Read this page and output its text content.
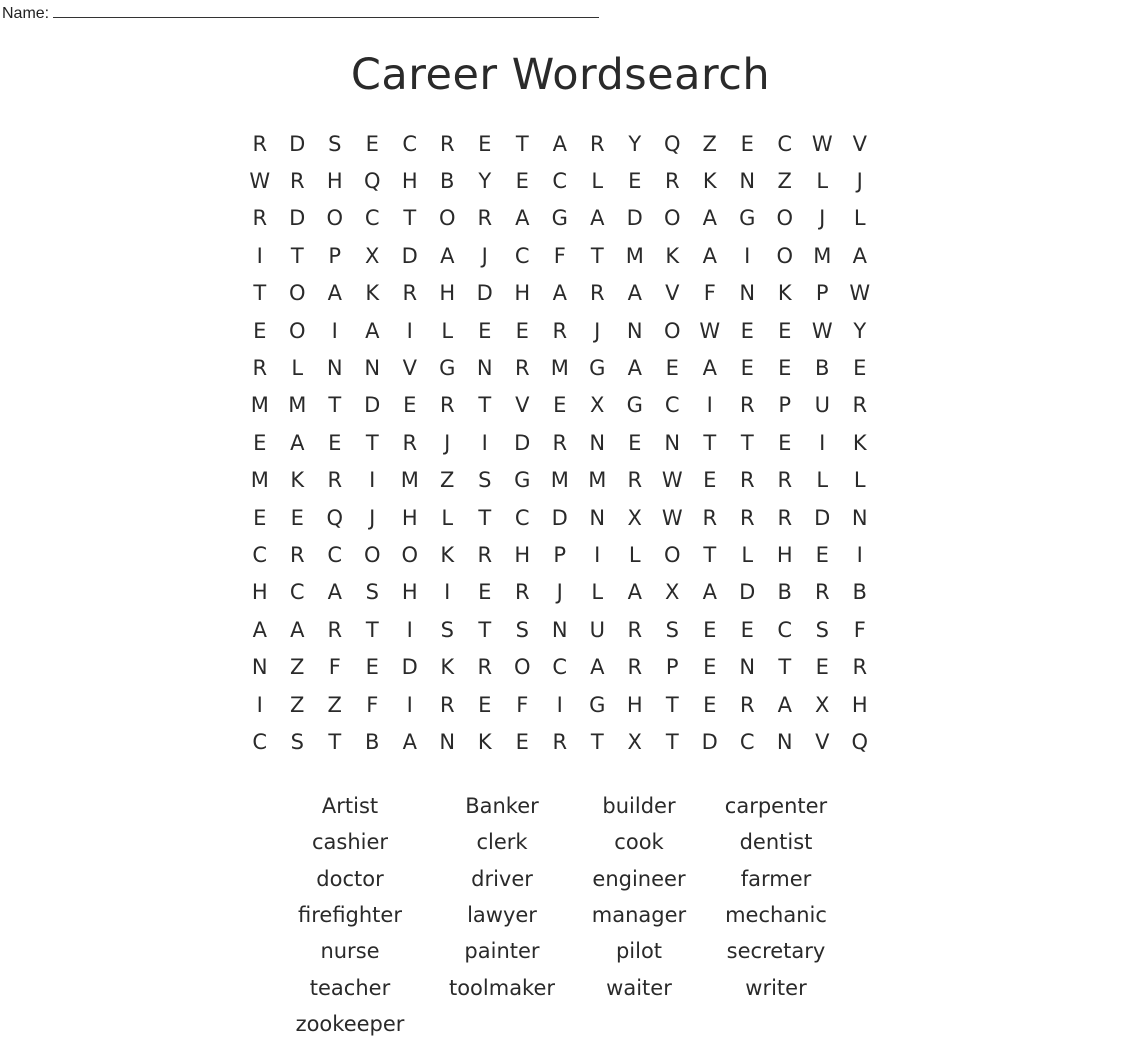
Name:
Career Wordsearch
R	D	S	E	C	R	E	T	A	R	Y	Q	Z	E	C W V
W R	H	Q	H	B	Y	E	C	L	E	R	K	N	Z	L	J
R	D	O	C	T	O	R	A	G	A	D	O	A	G	O	J	L
I	T	P	X	D	A	J	C	F	T	M	K	A	I	O M	A
T	O	A	K	R	H	D	H	A	R	A	V	F	N	K	P W
E	O	I	A	I	L	E	E	R	J	N	O W E	E W Y
R	L	N	N	V	G	N	R	M G	A	E	A	E	E	B	E
M M	T	D	E	R	T	V	E	X	G	C	I	R	P	U	R
E	A	E	T	R	J	I	D	R	N	E	N	T	T	E	I	K
M	K	R	I	M	Z	S	G M M	R W E	R	R	L	L
E	E	Q	J	H	L	T	C	D	N	X W R	R	R	D	N
C	R	C	O O	K	R	H	P	I	L	O	T	L	H	E	I
H	C	A	S	H	I	E	R	J	L	A	X	A	D	B	R	B
A	A	R	T	I	S	T	S	N	U	R	S	E	E	C	S	F
N	Z	F	E	D	K	R	O	C	A	R	P	E	N	T	E	R
I	Z	Z	F	I	R	E	F	I	G	H	T	E	R	A	X	H
C	S	T	B	A	N	K	E	R	T	X	T	D	C	N	V	Q
Artist	Banker	builder	carpenter
cashier	clerk	cook	dentist
doctor	driver	engineer	farmer
firefighter	lawyer	manager	mechanic
nurse	painter	pilot	secretary
teacher	toolmaker	waiter	writer
zookeeper
